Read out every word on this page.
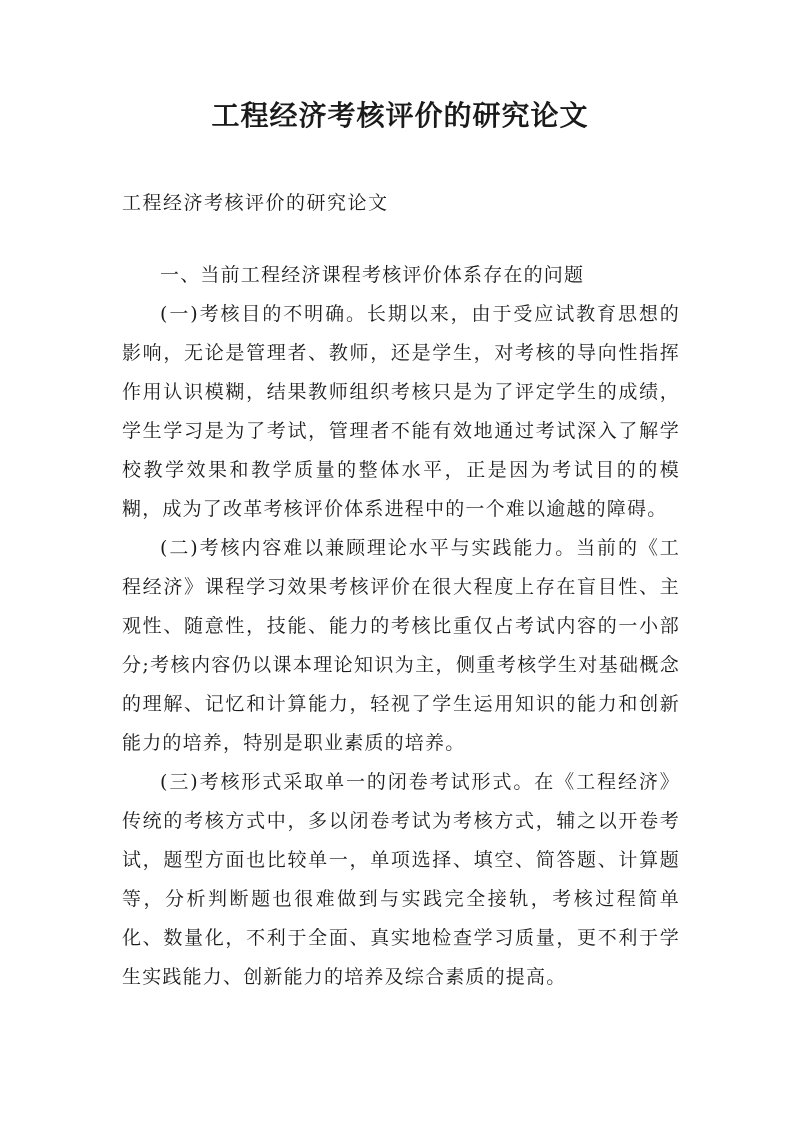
工程经济考核评价的研究论文

工程经济考核评价的研究论文

一、当前工程经济课程考核评价体系存在的问题

(一)考核目的不明确。长期以来，由于受应试教育思想的影响，无论是管理者、教师，还是学生，对考核的导向性指挥作用认识模糊，结果教师组织考核只是为了评定学生的成绩，学生学习是为了考试，管理者不能有效地通过考试深入了解学校教学效果和教学质量的整体水平，正是因为考试目的的模糊，成为了改革考核评价体系进程中的一个难以逾越的障碍。

(二)考核内容难以兼顾理论水平与实践能力。当前的《工程经济》课程学习效果考核评价在很大程度上存在盲目性、主观性、随意性，技能、能力的考核比重仅占考试内容的一小部分;考核内容仍以课本理论知识为主，侧重考核学生对基础概念的理解、记忆和计算能力，轻视了学生运用知识的能力和创新能力的培养，特别是职业素质的培养。

(三)考核形式采取单一的闭卷考试形式。在《工程经济》传统的考核方式中，多以闭卷考试为考核方式，辅之以开卷考试，题型方面也比较单一，单项选择、填空、简答题、计算题等，分析判断题也很难做到与实践完全接轨，考核过程简单化、数量化，不利于全面、真实地检查学习质量，更不利于学生实践能力、创新能力的培养及综合素质的提高。
